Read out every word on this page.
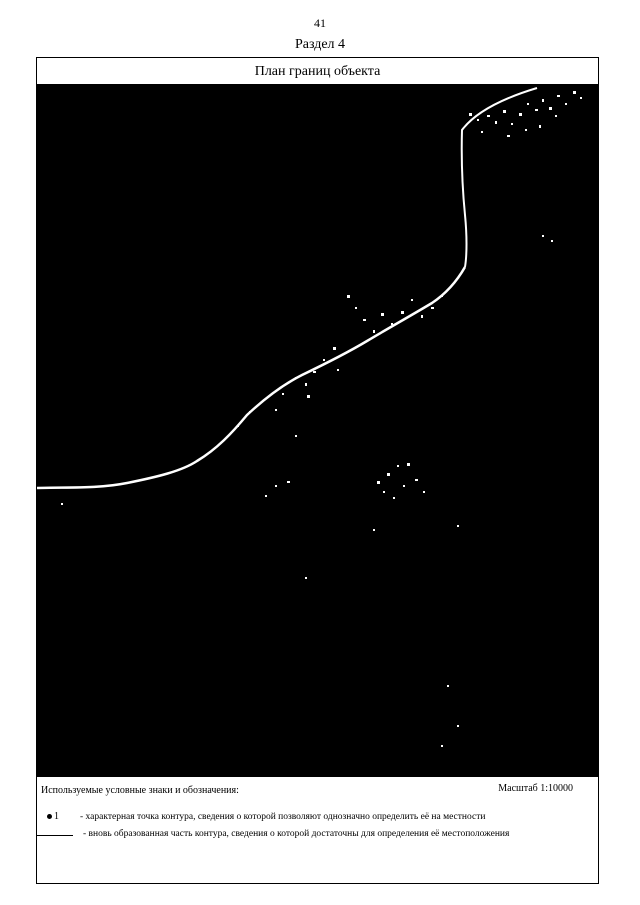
41
Раздел 4
План границ объекта
Используемые условные знаки и обозначения:	Масштаб 1:10000
1 - характерная точка контура, сведения о которой позволяют однозначно определить её на местности
- вновь образованная часть контура, сведения о которой достаточны для определения её местоположения
